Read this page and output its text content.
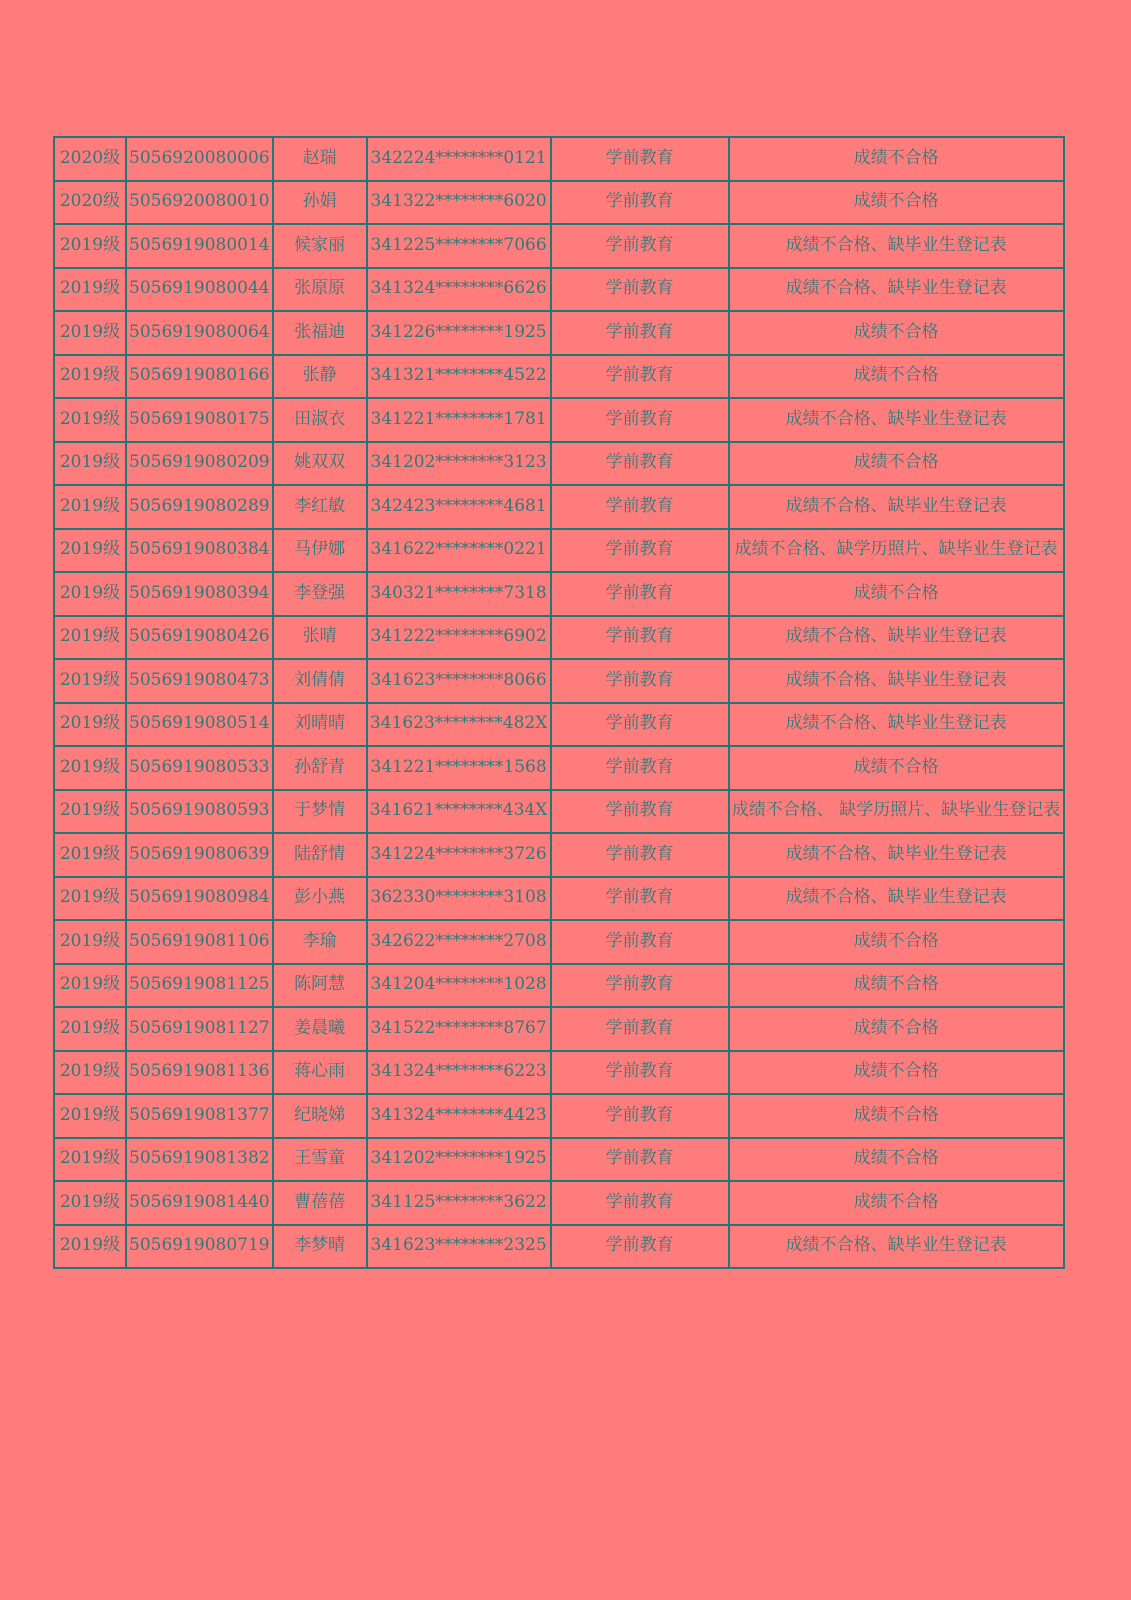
2020级	5056920080006	赵瑞	342224********0121	学前教育	成绩不合格
2020级	5056920080010	孙娟	341322********6020	学前教育	成绩不合格
2019级	5056919080014	候家丽	341225********7066	学前教育	成绩不合格、缺毕业生登记表
2019级	5056919080044	张原原	341324********6626	学前教育	成绩不合格、缺毕业生登记表
2019级	5056919080064	张福迪	341226********1925	学前教育	成绩不合格
2019级	5056919080166	张静	341321********4522	学前教育	成绩不合格
2019级	5056919080175	田淑衣	341221********1781	学前教育	成绩不合格、缺毕业生登记表
2019级	5056919080209	姚双双	341202********3123	学前教育	成绩不合格
2019级	5056919080289	李红敏	342423********4681	学前教育	成绩不合格、缺毕业生登记表
2019级	5056919080384	马伊娜	341622********0221	学前教育	成绩不合格、缺学历照片、缺毕业生登记表
2019级	5056919080394	李登强	340321********7318	学前教育	成绩不合格
2019级	5056919080426	张晴	341222********6902	学前教育	成绩不合格、缺毕业生登记表
2019级	5056919080473	刘倩倩	341623********8066	学前教育	成绩不合格、缺毕业生登记表
2019级	5056919080514	刘晴晴	341623********482X	学前教育	成绩不合格、缺毕业生登记表
2019级	5056919080533	孙舒青	341221********1568	学前教育	成绩不合格
2019级	5056919080593	于梦情	341621********434X	学前教育	成绩不合格、 缺学历照片、缺毕业生登记表
2019级	5056919080639	陆舒情	341224********3726	学前教育	成绩不合格、缺毕业生登记表
2019级	5056919080984	彭小燕	362330********3108	学前教育	成绩不合格、缺毕业生登记表
2019级	5056919081106	李瑜	342622********2708	学前教育	成绩不合格
2019级	5056919081125	陈阿慧	341204********1028	学前教育	成绩不合格
2019级	5056919081127	姜晨曦	341522********8767	学前教育	成绩不合格
2019级	5056919081136	蒋心雨	341324********6223	学前教育	成绩不合格
2019级	5056919081377	纪晓娣	341324********4423	学前教育	成绩不合格
2019级	5056919081382	王雪童	341202********1925	学前教育	成绩不合格
2019级	5056919081440	曹蓓蓓	341125********3622	学前教育	成绩不合格
2019级	5056919080719	李梦晴	341623********2325	学前教育	成绩不合格、缺毕业生登记表
